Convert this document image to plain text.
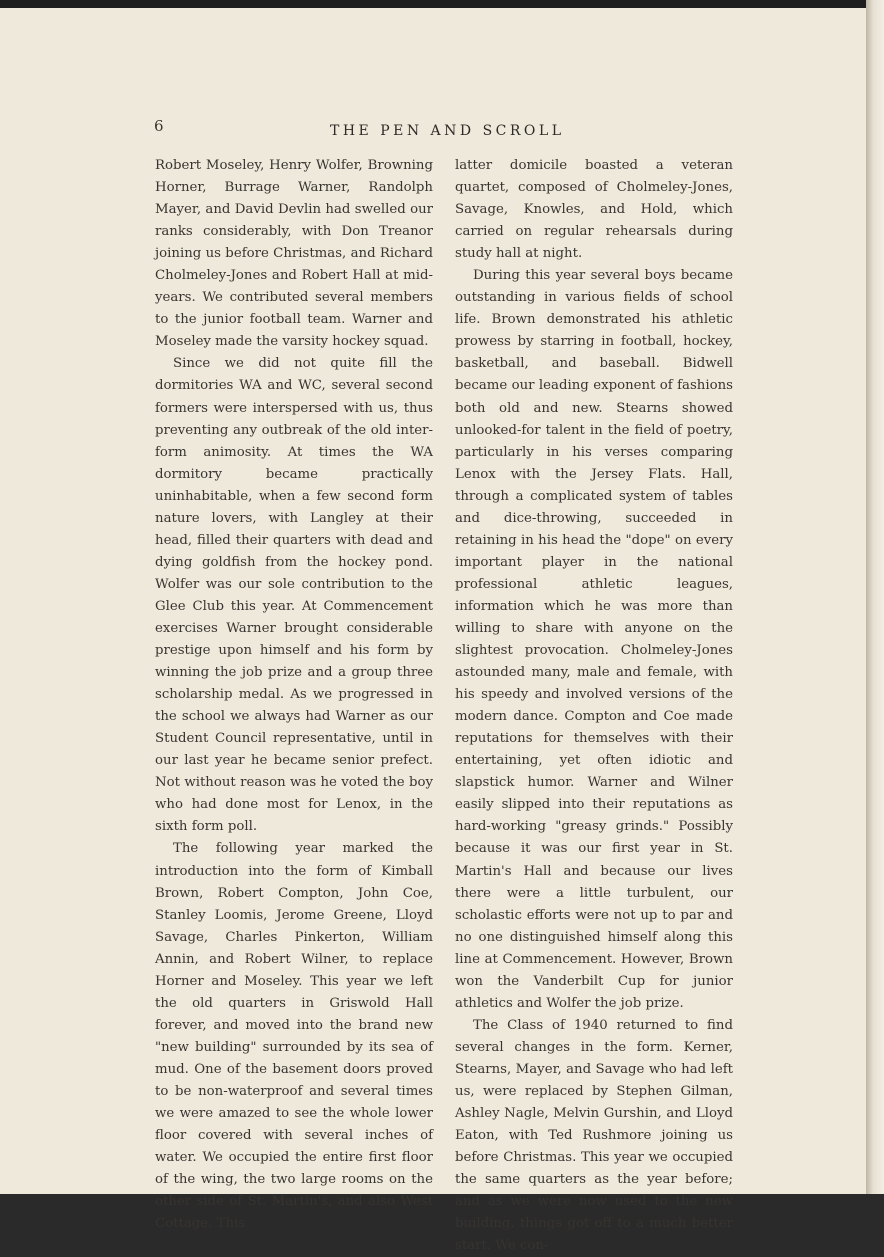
6	THE PEN AND SCROLL

Robert Moseley, Henry Wolfer, Browning Horner, Burrage Warner, Randolph Mayer, and David Devlin had swelled our ranks considerably, with Don Treanor joining us before Christmas, and Richard Cholmeley-Jones and Robert Hall at mid-years. We contributed several members to the junior football team. Warner and Moseley made the varsity hockey squad.

Since we did not quite fill the dormitories WA and WC, several second formers were interspersed with us, thus preventing any outbreak of the old inter-form animosity. At times the WA dormitory became practically uninhabitable, when a few second form nature lovers, with Langley at their head, filled their quarters with dead and dying goldfish from the hockey pond. Wolfer was our sole contribution to the Glee Club this year. At Commencement exercises Warner brought considerable prestige upon himself and his form by winning the job prize and a group three scholarship medal. As we progressed in the school we always had Warner as our Student Council representative, until in our last year he became senior prefect. Not without reason was he voted the boy who had done most for Lenox, in the sixth form poll.

The following year marked the introduction into the form of Kimball Brown, Robert Compton, John Coe, Stanley Loomis, Jerome Greene, Lloyd Savage, Charles Pinkerton, William Annin, and Robert Wilner, to replace Horner and Moseley. This year we left the old quarters in Griswold Hall forever, and moved into the brand new "new building" surrounded by its sea of mud. One of the basement doors proved to be non-waterproof and several times we were amazed to see the whole lower floor covered with several inches of water. We occupied the entire first floor of the wing, the two large rooms on the other side of St. Martin's, and also West Cottage. This

latter domicile boasted a veteran quartet, composed of Cholmeley-Jones, Savage, Knowles, and Hold, which carried on regular rehearsals during study hall at night.

During this year several boys became outstanding in various fields of school life. Brown demonstrated his athletic prowess by starring in football, hockey, basketball, and baseball. Bidwell became our leading exponent of fashions both old and new. Stearns showed unlooked-for talent in the field of poetry, particularly in his verses comparing Lenox with the Jersey Flats. Hall, through a complicated system of tables and dice-throwing, succeeded in retaining in his head the "dope" on every important player in the national professional athletic leagues, information which he was more than willing to share with anyone on the slightest provocation. Cholmeley-Jones astounded many, male and female, with his speedy and involved versions of the modern dance. Compton and Coe made reputations for themselves with their entertaining, yet often idiotic and slapstick humor. Warner and Wilner easily slipped into their reputations as hard-working "greasy grinds." Possibly because it was our first year in St. Martin's Hall and because our lives there were a little turbulent, our scholastic efforts were not up to par and no one distinguished himself along this line at Commencement. However, Brown won the Vanderbilt Cup for junior athletics and Wolfer the job prize.

The Class of 1940 returned to find several changes in the form. Kerner, Stearns, Mayer, and Savage who had left us, were replaced by Stephen Gilman, Ashley Nagle, Melvin Gurshin, and Lloyd Eaton, with Ted Rushmore joining us before Christmas. This year we occupied the same quarters as the year before; and as we were now used to the new building, things got off to a much better start. We con-
